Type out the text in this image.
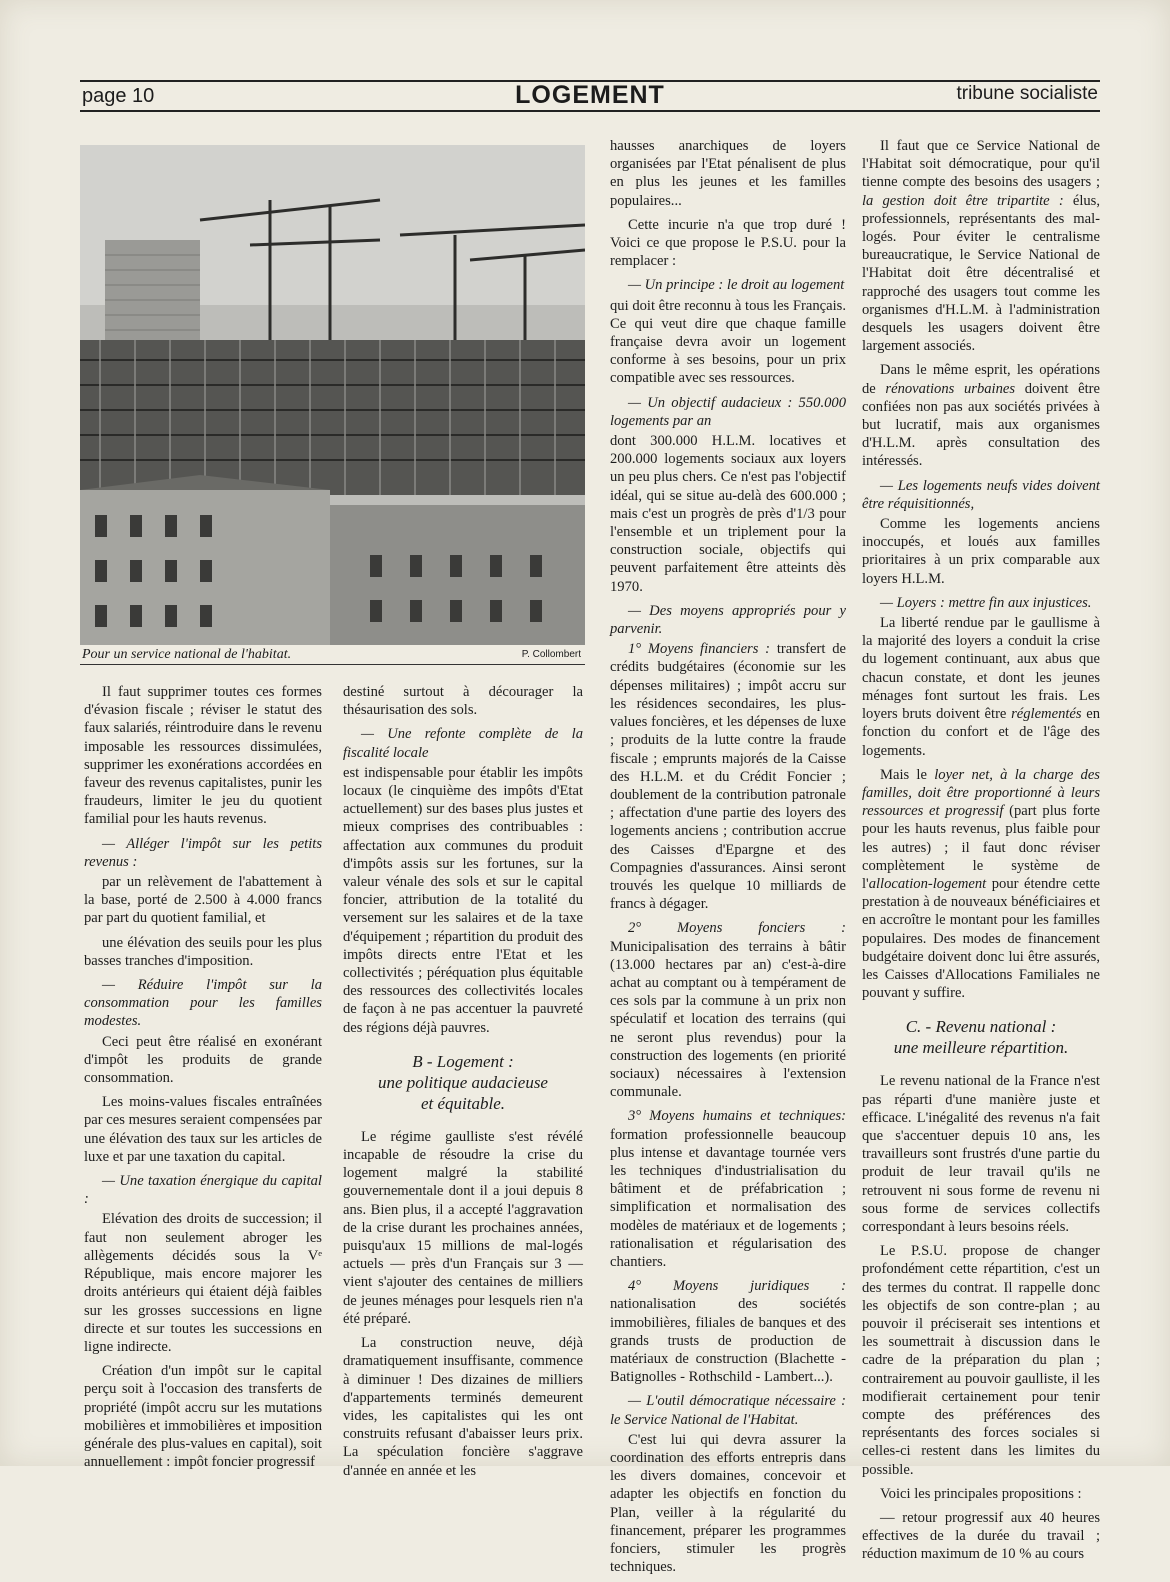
page 10	LOGEMENT	tribune socialiste
Pour un service national de l'habitat.	P. Collombert

Il faut supprimer toutes ces formes d'évasion fiscale ; réviser le statut des faux salariés, réintroduire dans le revenu imposable les ressources dissimulées, supprimer les exonérations accordées en faveur des revenus capitalistes, punir les fraudeurs, limiter le jeu du quotient familial pour les hauts revenus.

— Alléger l'impôt sur les petits revenus :

par un relèvement de l'abattement à la base, porté de 2.500 à 4.000 francs par part du quotient familial, et

une élévation des seuils pour les plus basses tranches d'imposition.

— Réduire l'impôt sur la consommation pour les familles modestes.

Ceci peut être réalisé en exonérant d'impôt les produits de grande consommation.

Les moins-values fiscales entraînées par ces mesures seraient compensées par une élévation des taux sur les articles de luxe et par une taxation du capital.

— Une taxation énergique du capital :

Elévation des droits de succession; il faut non seulement abroger les allègements décidés sous la Vᵉ République, mais encore majorer les droits antérieurs qui étaient déjà faibles sur les grosses successions en ligne directe et sur toutes les successions en ligne indirecte.

Création d'un impôt sur le capital perçu soit à l'occasion des transferts de propriété (impôt accru sur les mutations mobilières et immobilières et imposition générale des plus-values en capital), soit annuellement : impôt foncier progressif

destiné surtout à décourager la thésaurisation des sols.

— Une refonte complète de la fiscalité locale

est indispensable pour établir les impôts locaux (le cinquième des impôts d'Etat actuellement) sur des bases plus justes et mieux comprises des contribuables : affectation aux communes du produit d'impôts assis sur les fortunes, sur la valeur vénale des sols et sur le capital foncier, attribution de la totalité du versement sur les salaires et de la taxe d'équipement ; répartition du produit des impôts directs entre l'Etat et les collectivités ; péréquation plus équitable des ressources des collectivités locales de façon à ne pas accentuer la pauvreté des régions déjà pauvres.

B - Logement :
une politique audacieuse
et équitable.

Le régime gaulliste s'est révélé incapable de résoudre la crise du logement malgré la stabilité gouvernementale dont il a joui depuis 8 ans. Bien plus, il a accepté l'aggravation de la crise durant les prochaines années, puisqu'aux 15 millions de mal-logés actuels — près d'un Français sur 3 — vient s'ajouter des centaines de milliers de jeunes ménages pour lesquels rien n'a été préparé.

La construction neuve, déjà dramatiquement insuffisante, commence à diminuer ! Des dizaines de milliers d'appartements terminés demeurent vides, les capitalistes qui les ont construits refusant d'abaisser leurs prix. La spéculation foncière s'aggrave d'année en année et les

hausses anarchiques de loyers organisées par l'Etat pénalisent de plus en plus les jeunes et les familles populaires...

Cette incurie n'a que trop duré ! Voici ce que propose le P.S.U. pour la remplacer :

— Un principe : le droit au logement

qui doit être reconnu à tous les Français. Ce qui veut dire que chaque famille française devra avoir un logement conforme à ses besoins, pour un prix compatible avec ses ressources.

— Un objectif audacieux : 550.000 logements par an

dont 300.000 H.L.M. locatives et 200.000 logements sociaux aux loyers un peu plus chers. Ce n'est pas l'objectif idéal, qui se situe au-delà des 600.000 ; mais c'est un progrès de près d'1/3 pour l'ensemble et un triplement pour la construction sociale, objectifs qui peuvent parfaitement être atteints dès 1970.

— Des moyens appropriés pour y parvenir.

1° Moyens financiers : transfert de crédits budgétaires (économie sur les dépenses militaires) ; impôt accru sur les résidences secondaires, les plus-values foncières, et les dépenses de luxe ; produits de la lutte contre la fraude fiscale ; emprunts majorés de la Caisse des H.L.M. et du Crédit Foncier ; doublement de la contribution patronale ; affectation d'une partie des loyers des logements anciens ; contribution accrue des Caisses d'Epargne et des Compagnies d'assurances. Ainsi seront trouvés les quelque 10 milliards de francs à dégager.

2° Moyens fonciers : Municipalisation des terrains à bâtir (13.000 hectares par an) c'est-à-dire achat au comptant ou à tempérament de ces sols par la commune à un prix non spéculatif et location des terrains (qui ne seront plus revendus) pour la construction des logements (en priorité sociaux) nécessaires à l'extension communale.

3° Moyens humains et techniques: formation professionnelle beaucoup plus intense et davantage tournée vers les techniques d'industrialisation du bâtiment et de préfabrication ; simplification et normalisation des modèles de matériaux et de logements ; rationalisation et régularisation des chantiers.

4° Moyens juridiques : nationalisation des sociétés immobilières, filiales de banques et des grands trusts de production de matériaux de construction (Blachette - Batignolles - Rothschild - Lambert...).

— L'outil démocratique nécessaire : le Service National de l'Habitat.

C'est lui qui devra assurer la coordination des efforts entrepris dans les divers domaines, concevoir et adapter les objectifs en fonction du Plan, veiller à la régularité du financement, préparer les programmes fonciers, stimuler les progrès techniques.

Il faut que ce Service National de l'Habitat soit démocratique, pour qu'il tienne compte des besoins des usagers ; la gestion doit être tripartite : élus, professionnels, représentants des mal-logés. Pour éviter le centralisme bureaucratique, le Service National de l'Habitat doit être décentralisé et rapproché des usagers tout comme les organismes d'H.L.M. à l'administration desquels les usagers doivent être largement associés.

Dans le même esprit, les opérations de rénovations urbaines doivent être confiées non pas aux sociétés privées à but lucratif, mais aux organismes d'H.L.M. après consultation des intéressés.

— Les logements neufs vides doivent être réquisitionnés,

Comme les logements anciens inoccupés, et loués aux familles prioritaires à un prix comparable aux loyers H.L.M.

— Loyers : mettre fin aux injustices.

La liberté rendue par le gaullisme à la majorité des loyers a conduit la crise du logement continuant, aux abus que chacun constate, et dont les jeunes ménages font surtout les frais. Les loyers bruts doivent être réglementés en fonction du confort et de l'âge des logements.

Mais le loyer net, à la charge des familles, doit être proportionné à leurs ressources et progressif (part plus forte pour les hauts revenus, plus faible pour les autres) ; il faut donc réviser complètement le système de l'allocation-logement pour étendre cette prestation à de nouveaux bénéficiaires et en accroître le montant pour les familles populaires. Des modes de financement budgétaire doivent donc lui être assurés, les Caisses d'Allocations Familiales ne pouvant y suffire.

C. - Revenu national :
une meilleure répartition.

Le revenu national de la France n'est pas réparti d'une manière juste et efficace. L'inégalité des revenus n'a fait que s'accentuer depuis 10 ans, les travailleurs sont frustrés d'une partie du produit de leur travail qu'ils ne retrouvent ni sous forme de revenu ni sous forme de services collectifs correspondant à leurs besoins réels.

Le P.S.U. propose de changer profondément cette répartition, c'est un des termes du contrat. Il rappelle donc les objectifs de son contre-plan ; au pouvoir il préciserait ses intentions et les soumettrait à discussion dans le cadre de la préparation du plan ; contrairement au pouvoir gaulliste, il les modifierait certainement pour tenir compte des préférences des représentants des forces sociales si celles-ci restent dans les limites du possible.

Voici les principales propositions :

— retour progressif aux 40 heures effectives de la durée du travail ; réduction maximum de 10 % au cours
